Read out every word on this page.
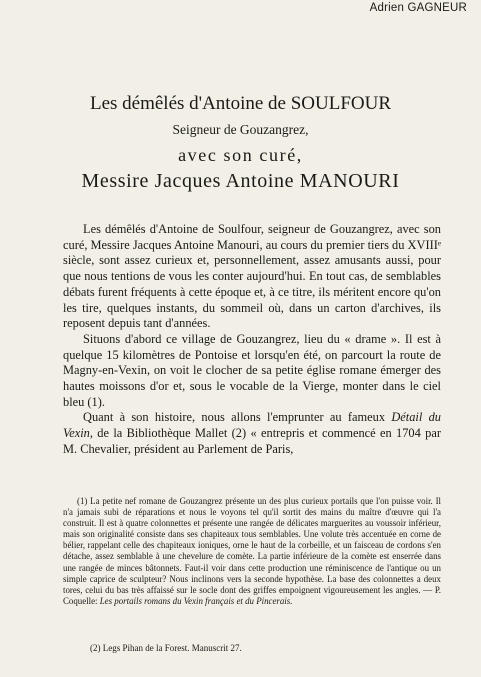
Adrien GAGNEUR
Les démêlés d'Antoine de SOULFOUR
Seigneur de Gouzangrez,
avec son curé,
Messire Jacques Antoine MANOURI

Les démêlés d'Antoine de Soulfour, seigneur de Gouzangrez, avec son curé, Messire Jacques Antoine Manouri, au cours du premier tiers du XVIIIᵉ siècle, sont assez curieux et, personnellement, assez amusants aussi, pour que nous tentions de vous les conter aujourd'hui. En tout cas, de semblables débats furent fréquents à cette époque et, à ce titre, ils méritent encore qu'on les tire, quelques instants, du sommeil où, dans un carton d'archives, ils reposent depuis tant d'années.

Situons d'abord ce village de Gouzangrez, lieu du « drame ». Il est à quelque 15 kilomètres de Pontoise et lorsqu'en été, on parcourt la route de Magny-en-Vexin, on voit le clocher de sa petite église romane émerger des hautes moissons d'or et, sous le vocable de la Vierge, monter dans le ciel bleu (1).

Quant à son histoire, nous allons l'emprunter au fameux Détail du Vexin, de la Bibliothèque Mallet (2) « entrepris et commencé en 1704 par M. Chevalier, président au Parlement de Paris,

(1) La petite nef romane de Gouzangrez présente un des plus curieux portails que l'on puisse voir. Il n'a jamais subi de réparations et nous le voyons tel qu'il sortit des mains du maître d'œuvre qui l'a construit. Il est à quatre colonnettes et présente une rangée de délicates marguerites au voussoir inférieur, mais son originalité consiste dans ses chapiteaux tous semblables. Une volute très accentuée en corne de bélier, rappelant celle des chapiteaux ioniques, orne le haut de la corbeille, et un faisceau de cordons s'en détache, assez semblable à une chevelure de comète. La partie inférieure de la comète est enserrée dans une rangée de minces bâtonnets. Faut-il voir dans cette production une réminiscence de l'antique ou un simple caprice de sculpteur? Nous inclinons vers la seconde hypothèse. La base des colonnettes a deux tores, celui du bas très affaissé sur le socle dont des griffes empoignent vigoureusement les angles. — P. Coquelle: Les portails romans du Vexin français et du Pincerais.

(2) Legs Pihan de la Forest. Manuscrit 27.
